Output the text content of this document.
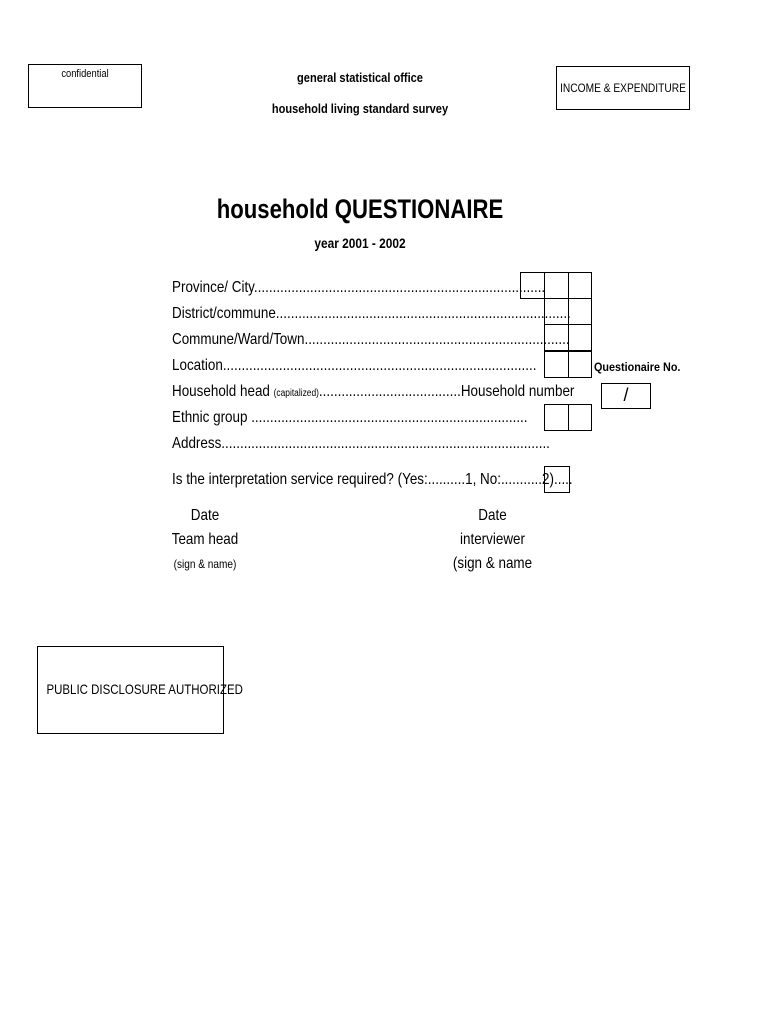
confidential	general statistical office
household living standard survey
INCOME & EXPENDITURE
household QUESTIONAIRE
year 2001 - 2002
Province/ City..............................................................................
District/commune...............................................................................
Commune/Ward/Town.......................................................................
Location....................................................................................
Household head (capitalized)......................................Household number
Ethnic group ..........................................................................
Address........................................................................................
Is the interpretation service required? (Yes:..........1, No:...........2).....
Questionaire No.
/
Date
Team head
(sign & name)
Date
interviewer
(sign & name
PUBLIC DISCLOSURE AUTHORIZED
